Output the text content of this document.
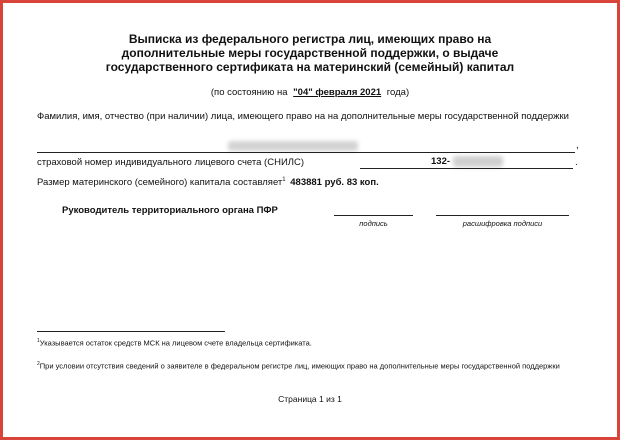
Выписка из федерального регистра лиц, имеющих право на
дополнительные меры государственной поддержки, о выдаче
государственного сертификата на материнский (семейный) капитал
(по состоянию на "04" февраля 2021 года)
Фамилия, имя, отчество (при наличии) лица, имеющего право на на дополнительные меры государственной поддержки
,
страховой номер индивидуального лицевого счета (СНИЛС)	132-	.
Размер материнского (семейного) капитала составляет$^1$ 483881 руб. 83 коп.
Руководитель территориального органа ПФР
подпись	расшифровка подписи
$^1$Указывается остаток средств МСК на лицевом счете владельца сертификата.
$^2$При условии отсутствия сведений о заявителе в федеральном регистре лиц, имеющих право на дополнительные меры государственной поддержки
Страница 1 из 1
